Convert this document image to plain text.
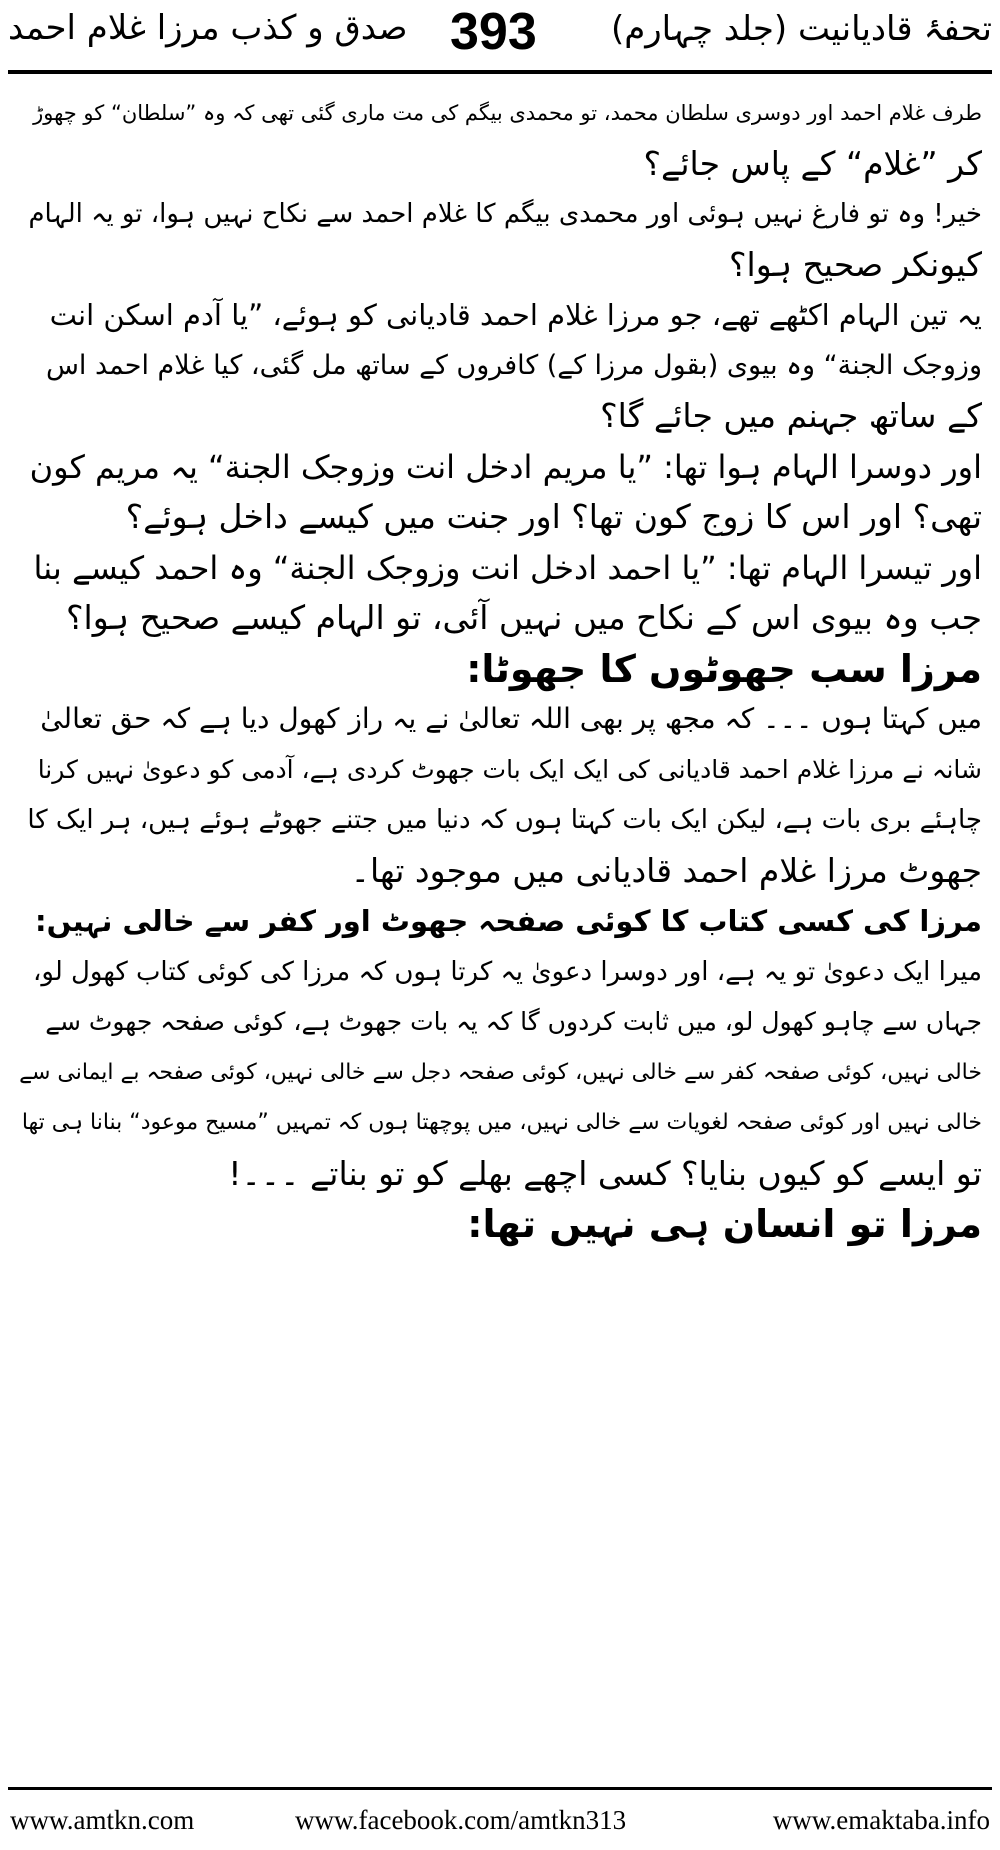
تحفۂ قادیانیت (جلد چہارم)
393
صدق و کذب مرزا غلام احمد
طرف غلام احمد اور دوسری سلطان محمد، تو محمدی بیگم کی مت ماری گئی تھی کہ وہ ”سلطان“ کو چھوڑ
کر ”غلام“ کے پاس جائے؟
خیر! وہ تو فارغ نہیں ہوئی اور محمدی بیگم کا غلام احمد سے نکاح نہیں ہوا، تو یہ الہام
کیونکر صحیح ہوا؟
یہ تین الہام اکٹھے تھے، جو مرزا غلام احمد قادیانی کو ہوئے، ”یا آدم اسکن انت
وزوجک الجنة“ وہ بیوی (بقول مرزا کے) کافروں کے ساتھ مل گئی، کیا غلام احمد اس
کے ساتھ جہنم میں جائے گا؟
اور دوسرا الہام ہوا تھا: ”یا مریم ادخل انت وزوجک الجنة“ یہ مریم کون
تھی؟ اور اس کا زوج کون تھا؟ اور جنت میں کیسے داخل ہوئے؟
اور تیسرا الہام تھا: ”یا احمد ادخل انت وزوجک الجنة“ وہ احمد کیسے بنا
جب وہ بیوی اس کے نکاح میں نہیں آئی، تو الہام کیسے صحیح ہوا؟
مرزا سب جھوٹوں کا جھوٹا:
میں کہتا ہوں ۔۔۔ کہ مجھ پر بھی اللہ تعالیٰ نے یہ راز کھول دیا ہے کہ حق تعالیٰ
شانہ نے مرزا غلام احمد قادیانی کی ایک ایک بات جھوٹ کردی ہے، آدمی کو دعویٰ نہیں کرنا
چاہئے بری بات ہے، لیکن ایک بات کہتا ہوں کہ دنیا میں جتنے جھوٹے ہوئے ہیں، ہر ایک کا
جھوٹ مرزا غلام احمد قادیانی میں موجود تھا۔
مرزا کی کسی کتاب کا کوئی صفحہ جھوٹ اور کفر سے خالی نہیں:
میرا ایک دعویٰ تو یہ ہے، اور دوسرا دعویٰ یہ کرتا ہوں کہ مرزا کی کوئی کتاب کھول لو،
جہاں سے چاہو کھول لو، میں ثابت کردوں گا کہ یہ بات جھوٹ ہے، کوئی صفحہ جھوٹ سے
خالی نہیں، کوئی صفحہ کفر سے خالی نہیں، کوئی صفحہ دجل سے خالی نہیں، کوئی صفحہ بے ایمانی سے
خالی نہیں اور کوئی صفحہ لغویات سے خالی نہیں، میں پوچھتا ہوں کہ تمہیں ”مسیح موعود“ بنانا ہی تھا
تو ایسے کو کیوں بنایا؟ کسی اچھے بھلے کو تو بناتے ۔۔۔!
مرزا تو انسان ہی نہیں تھا:
www.amtkn.com	www.facebook.com/amtkn313	www.emaktaba.info
